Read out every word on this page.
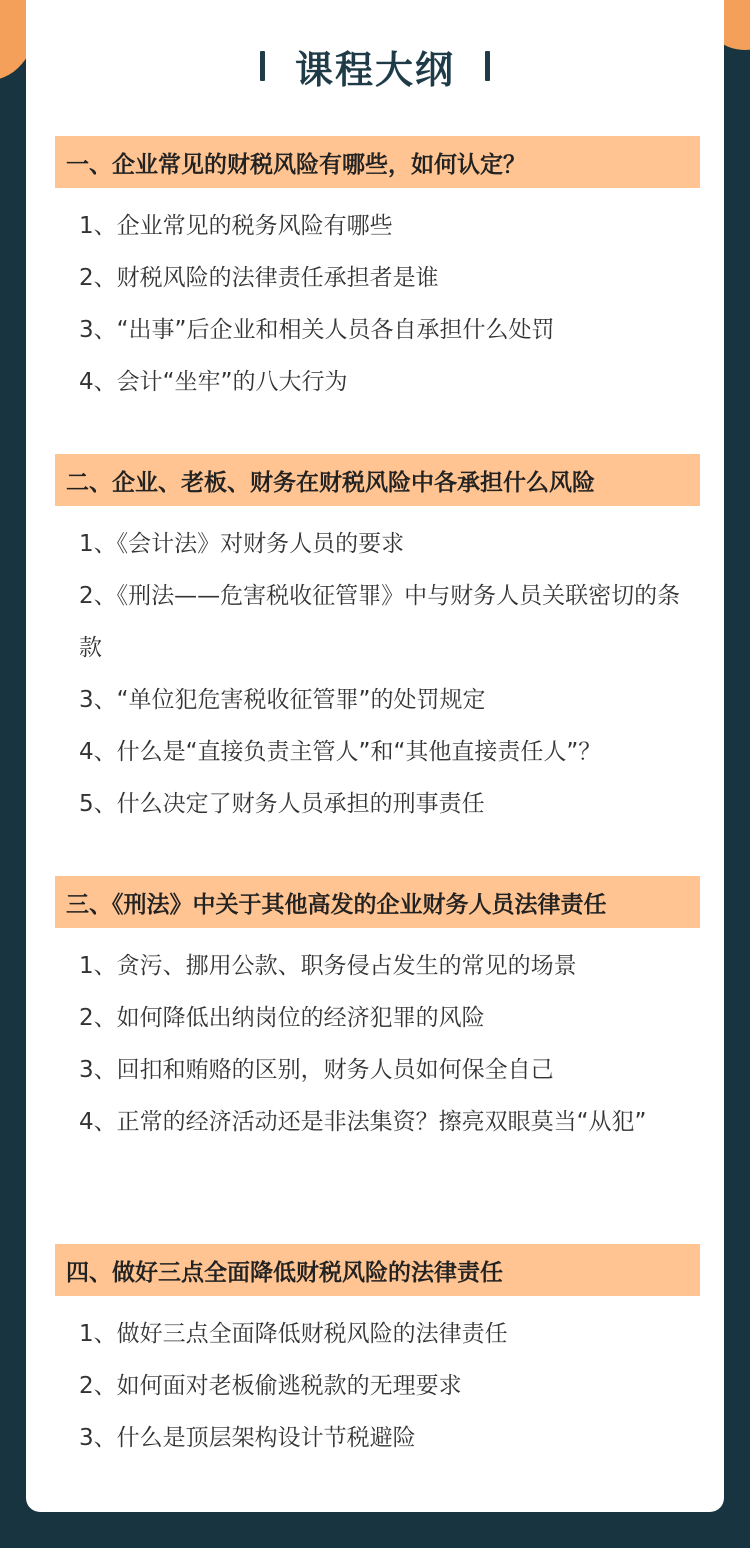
课程大纲
一、企业常见的财税风险有哪些，如何认定？
1、企业常见的税务风险有哪些
2、财税风险的法律责任承担者是谁
3、“出事”后企业和相关人员各自承担什么处罚
4、会计“坐牢”的八大行为
二、企业、老板、财务在财税风险中各承担什么风险
1、《会计法》对财务人员的要求
2、《刑法——危害税收征管罪》中与财务人员关联密切的条款
3、“单位犯危害税收征管罪”的处罚规定
4、什么是“直接负责主管人”和“其他直接责任人”？
5、什么决定了财务人员承担的刑事责任
三、《刑法》中关于其他高发的企业财务人员法律责任
1、贪污、挪用公款、职务侵占发生的常见的场景
2、如何降低出纳岗位的经济犯罪的风险
3、回扣和贿赂的区别，财务人员如何保全自己
4、正常的经济活动还是非法集资？擦亮双眼莫当“从犯”
四、做好三点全面降低财税风险的法律责任
1、做好三点全面降低财税风险的法律责任
2、如何面对老板偷逃税款的无理要求
3、什么是顶层架构设计节税避险
